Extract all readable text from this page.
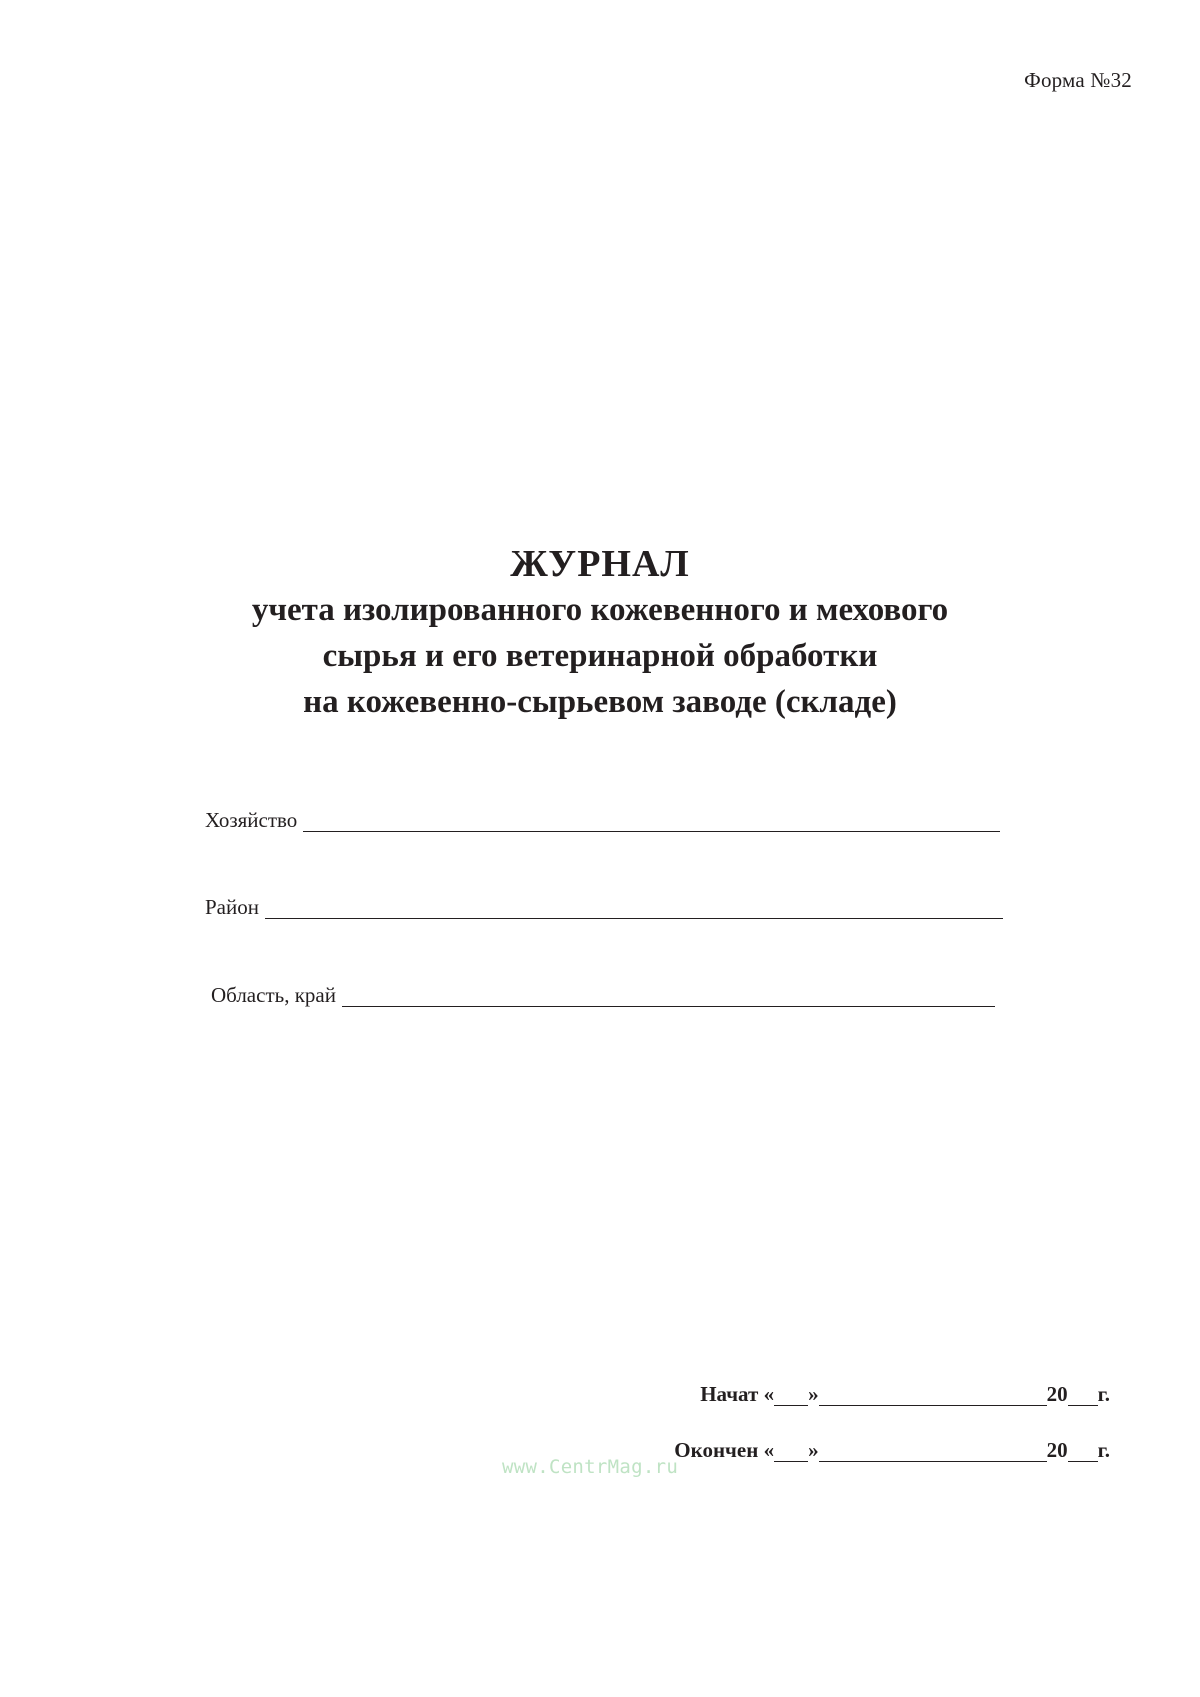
Форма №32
ЖУРНАЛ
учета изолированного кожевенного и мехового
сырья и его ветеринарной обработки
на кожевенно-сырьевом заводе (складе)
Хозяйство
Район
Область, край
Начат « »	20 г.
Окончен « »	20 г.
www.CentrMag.ru
